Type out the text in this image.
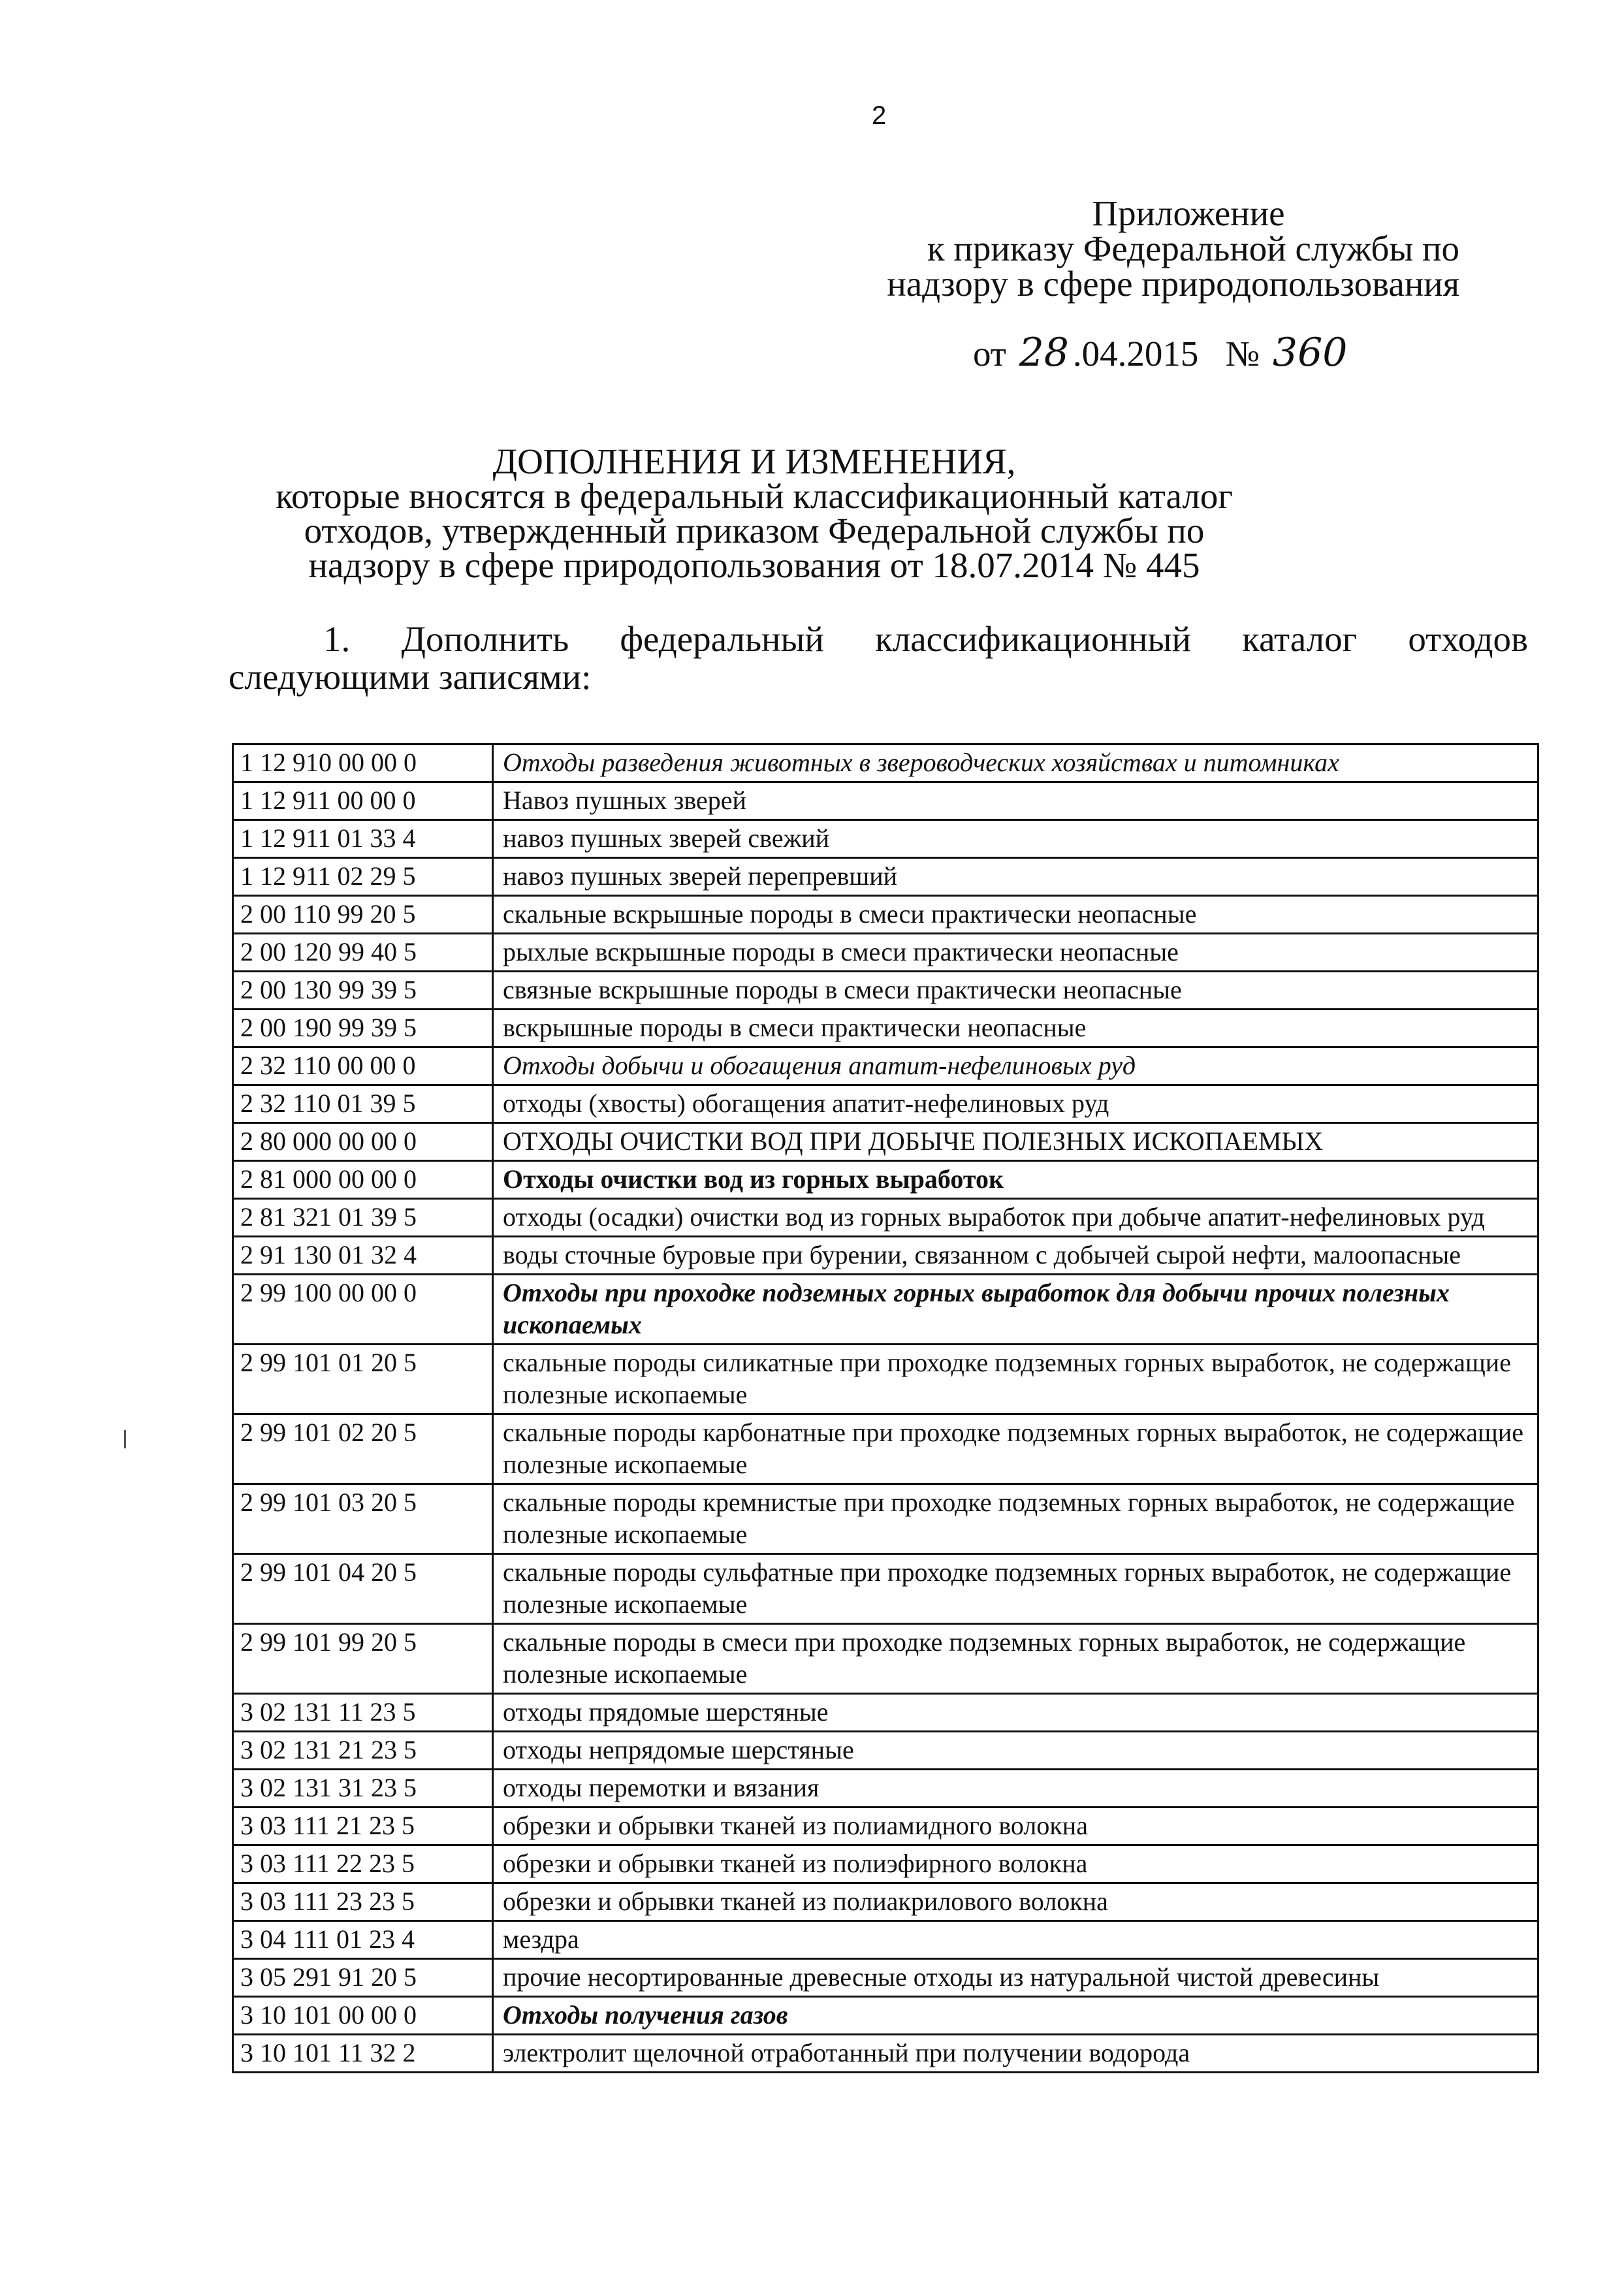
2
Приложение
к приказу Федеральной службы по
надзору в сфере природопользования
от 28 .04.2015 № 360
ДОПОЛНЕНИЯ И ИЗМЕНЕНИЯ,
которые вносятся в федеральный классификационный каталог
отходов, утвержденный приказом Федеральной службы по
надзору в сфере природопользования от 18.07.2014 № 445
1. Дополнить федеральный классификационный каталог отходов
следующими записями:
1 12 910 00 00 0	Отходы разведения животных в звероводческих хозяйствах и питомниках
1 12 911 00 00 0	Навоз пушных зверей
1 12 911 01 33 4	навоз пушных зверей свежий
1 12 911 02 29 5	навоз пушных зверей перепревший
2 00 110 99 20 5	скальные вскрышные породы в смеси практически неопасные
2 00 120 99 40 5	рыхлые вскрышные породы в смеси практически неопасные
2 00 130 99 39 5	связные вскрышные породы в смеси практически неопасные
2 00 190 99 39 5	вскрышные породы в смеси практически неопасные
2 32 110 00 00 0	Отходы добычи и обогащения апатит-нефелиновых руд
2 32 110 01 39 5	отходы (хвосты) обогащения апатит-нефелиновых руд
2 80 000 00 00 0	ОТХОДЫ ОЧИСТКИ ВОД ПРИ ДОБЫЧЕ ПОЛЕЗНЫХ ИСКОПАЕМЫХ
2 81 000 00 00 0	Отходы очистки вод из горных выработок
2 81 321 01 39 5	отходы (осадки) очистки вод из горных выработок при добыче апатит-нефелиновых руд
2 91 130 01 32 4	воды сточные буровые при бурении, связанном с добычей сырой нефти, малоопасные
2 99 100 00 00 0	Отходы при проходке подземных горных выработок для добычи прочих полезных ископаемых
2 99 101 01 20 5	скальные породы силикатные при проходке подземных горных выработок, не содержащие полезные ископаемые
2 99 101 02 20 5	скальные породы карбонатные при проходке подземных горных выработок, не содержащие полезные ископаемые
2 99 101 03 20 5	скальные породы кремнистые при проходке подземных горных выработок, не содержащие полезные ископаемые
2 99 101 04 20 5	скальные породы сульфатные при проходке подземных горных выработок, не содержащие полезные ископаемые
2 99 101 99 20 5	скальные породы в смеси при проходке подземных горных выработок, не содержащие полезные ископаемые
3 02 131 11 23 5	отходы прядомые шерстяные
3 02 131 21 23 5	отходы непрядомые шерстяные
3 02 131 31 23 5	отходы перемотки и вязания
3 03 111 21 23 5	обрезки и обрывки тканей из полиамидного волокна
3 03 111 22 23 5	обрезки и обрывки тканей из полиэфирного волокна
3 03 111 23 23 5	обрезки и обрывки тканей из полиакрилового волокна
3 04 111 01 23 4	мездра
3 05 291 91 20 5	прочие несортированные древесные отходы из натуральной чистой древесины
3 10 101 00 00 0	Отходы получения газов
3 10 101 11 32 2	электролит щелочной отработанный при получении водорода
